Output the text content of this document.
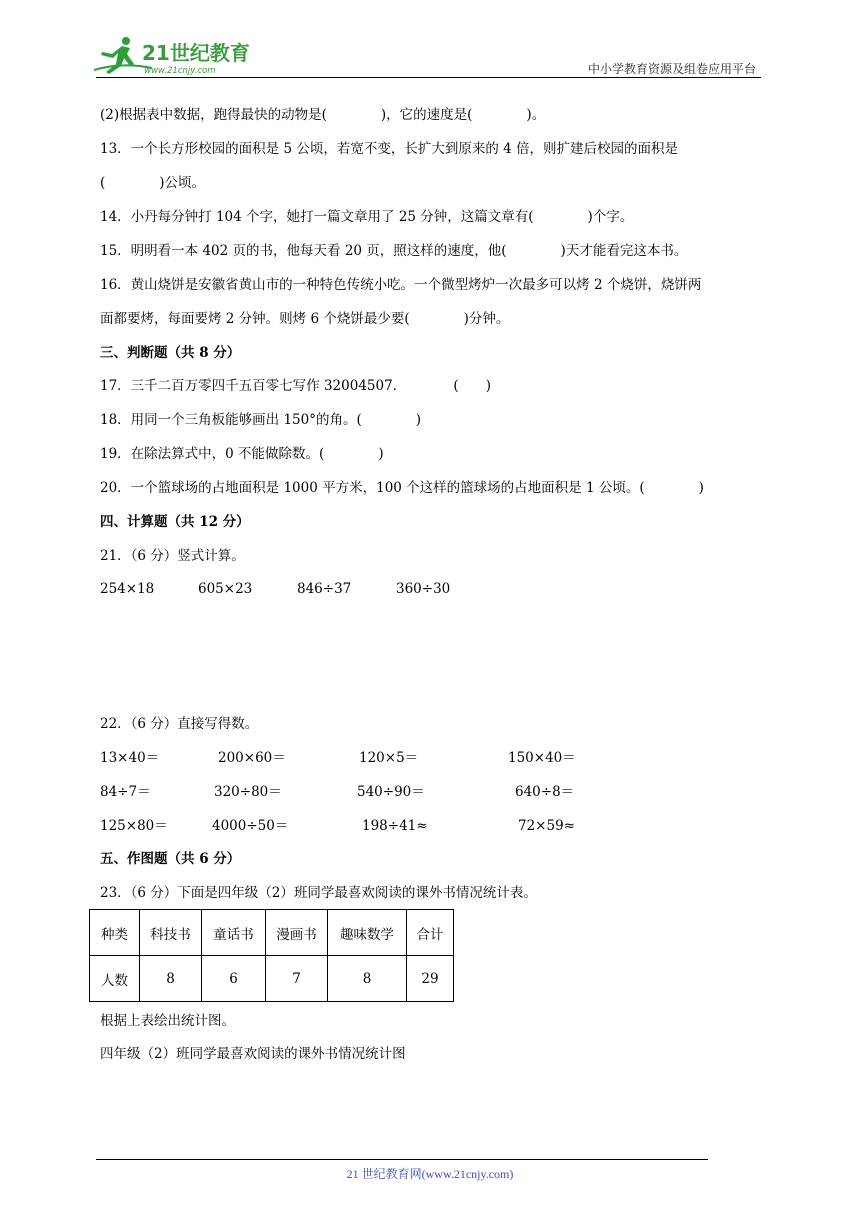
21世纪教育
www.21cnjy.com	中小学教育资源及组卷应用平台
(2)根据表中数据，跑得最快的动物是(　　　　)，它的速度是(　　　　)。
13．一个长方形校园的面积是 5 公顷，若宽不变，长扩大到原来的 4 倍，则扩建后校园的面积是
(　　　　)公顷。
14．小丹每分钟打 104 个字，她打一篇文章用了 25 分钟，这篇文章有(　　　　)个字。
15．明明看一本 402 页的书，他每天看 20 页，照这样的速度，他(　　　　)天才能看完这本书。
16．黄山烧饼是安徽省黄山市的一种特色传统小吃。一个微型烤炉一次最多可以烤 2 个烧饼，烧饼两
面都要烤，每面要烤 2 分钟。则烤 6 个烧饼最少要(　　　　)分钟。
三、判断题（共 8 分）
17．三千二百万零四千五百零七写作 32004507．　　　　(　　)
18．用同一个三角板能够画出 150°的角。(　　　　)
19．在除法算式中，0 不能做除数。(　　　　)
20．一个篮球场的占地面积是 1000 平方米，100 个这样的篮球场的占地面积是 1 公顷。(　　　　)
四、计算题（共 12 分）
21．（6 分）竖式计算。
254×18	605×23	846÷37	360÷30
22．（6 分）直接写得数。
13×40＝	200×60＝	120×5＝	150×40＝
84÷7＝	320÷80＝	540÷90＝	640÷8＝
125×80＝	4000÷50＝	198÷41≈	72×59≈
五、作图题（共 6 分）
23．（6 分）下面是四年级（2）班同学最喜欢阅读的课外书情况统计表。
种类	科技书	童话书	漫画书	趣味数学	合计
人数	8	6	7	8	29
根据上表绘出统计图。
四年级（2）班同学最喜欢阅读的课外书情况统计图
21 世纪教育网(www.21cnjy.com)
